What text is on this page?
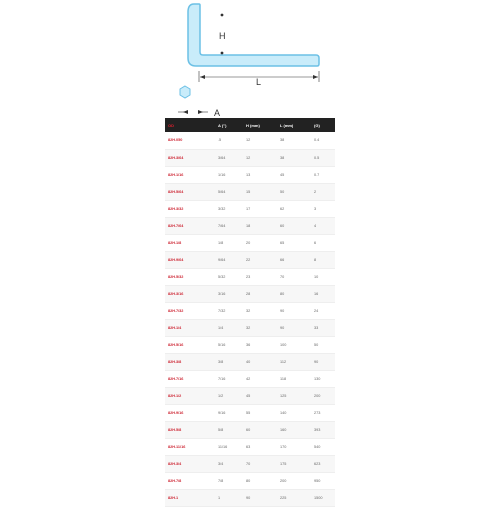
H
L
A
OD	A (")	H (mm)	L (mm)	(G)
82H.050	.5	12	38	0.4
82H.3/64	3/64	12	38	0.5
82H.1/16	1/16	13	45	0.7
82H.5/64	5/64	15	50	2
82H.3/32	3/32	17	62	3
82H.7/64	7/64	18	60	4
82H.1/8	1/8	20	65	6
82H.9/64	9/64	22	66	8
82H.5/32	5/32	23	70	10
82H.3/16	3/16	28	80	16
82H.7/32	7/32	32	90	24
82H.1/4	1/4	32	90	33
82H.5/16	5/16	36	100	50
82H.3/8	3/8	40	112	90
82H.7/16	7/16	42	118	130
82H.1/2	1/2	45	125	200
82H.9/16	9/16	55	140	273
82H.5/8	5/8	60	160	393
82H.11/16	11/16	63	170	540
82H.3/4	3/4	70	175	623
82H.7/8	7/8	80	200	950
82H.1	1	90	225	1500
